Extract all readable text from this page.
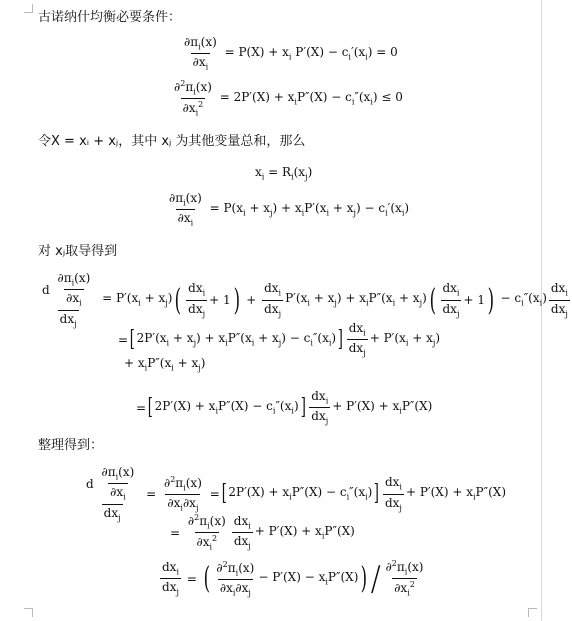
古诺纳什均衡必要条件：
$\frac{\partial\pi_i(x)}{\partial x_i} = P(X) + x_i$ $P'(X) - c_i'(x_i) = 0$
$\frac{\partial^2\pi_i(x)}{\partial x_i^2} = 2P'(X) + x_iP''(X) - c_i''(x_i) \le 0$
令X = xᵢ + xⱼ，其中 xⱼ 为其他变量总和，那么
$x_i = R_i(x_j)$
$\frac{\partial\pi_i(x)}{\partial x_i} = P(x_i + x_j) + x_iP'(x_i + x_j) - c_i'(x_i)$
对 xⱼ取导得到
$\frac{d \frac{\partial\pi_i(x)}{\partial x_i}}{dx_j} = P'(x_i + x_j)$ ( $\frac{dx_i}{dx_j} + 1$ ) + $\frac{dx_i}{dx_j} P'(x_i + x_j) + x_iP''(x_i + x_j)$ ( $\frac{dx_i}{dx_j} + 1$ ) − $c_i''(x_i) \frac{dx_i}{dx_j}$
= [ $2P'(x_i + x_j) + x_iP''(x_i + x_j) - c_i''(x_i)$ ] $\frac{dx_i}{dx_j} + P'(x_i + x_j)$
+ $x_iP''(x_i + x_j)$
= [ $2P'(X) + x_iP''(X) - c_i''(x_i)$ ] $\frac{dx_i}{dx_j} + P'(X) + x_iP''(X)$
整理得到：
$\frac{d \frac{\partial\pi_i(x)}{\partial x_i}}{dx_j} = \frac{\partial^2\pi_i(x)}{\partial x_i\partial x_j}$ = [ $2P'(X) + x_iP''(X) - c_i''(x_i)$ ] $\frac{dx_i}{dx_j} + P'(X) + x_iP''(X)$
= $\frac{\partial^2\pi_i(x)}{\partial x_i^2} \frac{dx_i}{dx_j} + P'(X) + x_iP''(X)$
$\frac{dx_i}{dx_j}$ = ( $\frac{\partial^2\pi_i(x)}{\partial x_i\partial x_j} - P'(X) - x_iP''(X)$ ) / $\frac{\partial^2\pi_i(x)}{\partial x_i^2}$
